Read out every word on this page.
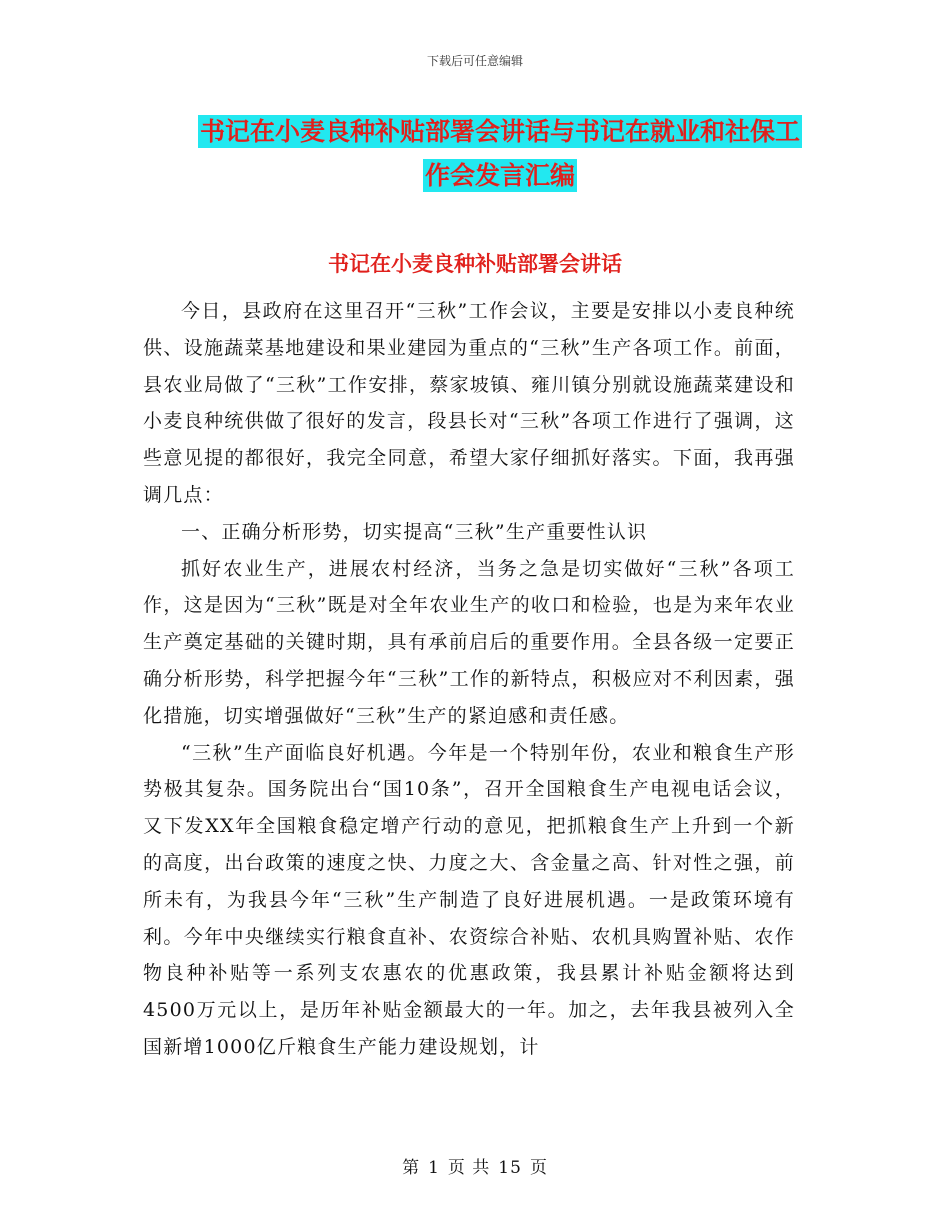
下载后可任意编辑
书记在小麦良种补贴部署会讲话与书记在就业和社保工作会发言汇编
书记在小麦良种补贴部署会讲话

今日，县政府在这里召开“三秋”工作会议，主要是安排以小麦良种统供、设施蔬菜基地建设和果业建园为重点的“三秋”生产各项工作。前面，县农业局做了“三秋”工作安排，蔡家坡镇、雍川镇分别就设施蔬菜建设和小麦良种统供做了很好的发言，段县长对“三秋”各项工作进行了强调，这些意见提的都很好，我完全同意，希望大家仔细抓好落实。下面，我再强调几点：

一、正确分析形势，切实提高“三秋”生产重要性认识

抓好农业生产，进展农村经济，当务之急是切实做好“三秋”各项工作，这是因为“三秋”既是对全年农业生产的收口和检验，也是为来年农业生产奠定基础的关键时期，具有承前启后的重要作用。全县各级一定要正确分析形势，科学把握今年“三秋”工作的新特点，积极应对不利因素，强化措施，切实增强做好“三秋”生产的紧迫感和责任感。

“三秋”生产面临良好机遇。今年是一个特别年份，农业和粮食生产形势极其复杂。国务院出台“国10条”，召开全国粮食生产电视电话会议，又下发XX年全国粮食稳定增产行动的意见，把抓粮食生产上升到一个新的高度，出台政策的速度之快、力度之大、含金量之高、针对性之强，前所未有，为我县今年“三秋”生产制造了良好进展机遇。一是政策环境有利。今年中央继续实行粮食直补、农资综合补贴、农机具购置补贴、农作物良种补贴等一系列支农惠农的优惠政策，我县累计补贴金额将达到4500万元以上，是历年补贴金额最大的一年。加之，去年我县被列入全国新增1000亿斤粮食生产能力建设规划，计

第 1 页 共 15 页
